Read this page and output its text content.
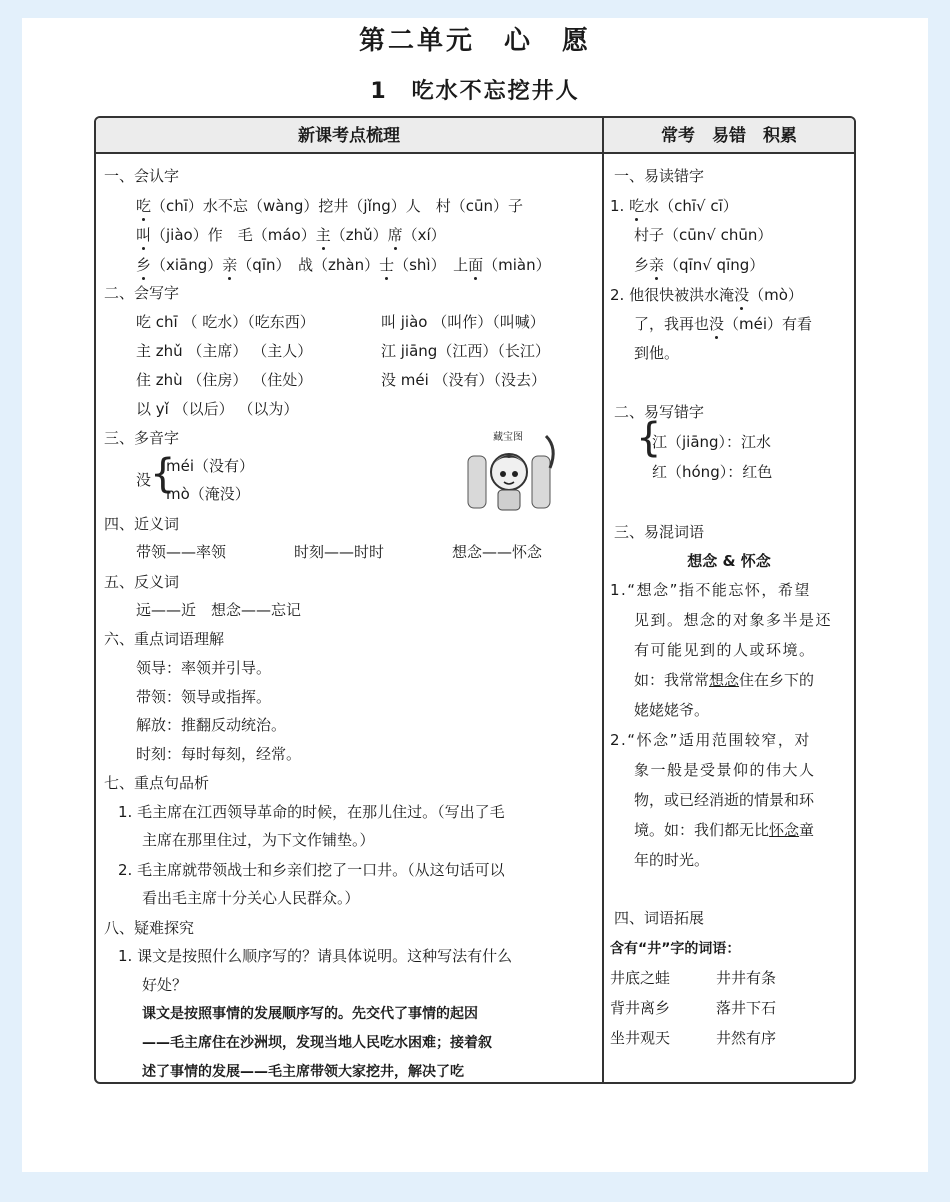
第二单元　心　愿
1　吃水不忘挖井人
新课考点梳理	常考　易错　积累
一、会认字
吃（chī）水不忘（wàng）挖井（jǐng）人　村（cūn）子
叫（jiào）作　毛（máo）主（zhǔ）席（xí）
乡（xiāng）亲（qīn）　战（zhàn）士（shì）　上面（miàn）
二、会写字
吃 chī （ 吃水）（吃东西）	叫 jiào （叫作）（叫喊）
主 zhǔ （主席） （主人）	江 jiāng（江西）（长江）
住 zhù （住房） （住处）	没 méi （没有）（没去）
以 yǐ （以后） （以为）
三、多音字
没
{
méi（没有）
mò（淹没）
四、近义词
带领——率领	时刻——时时	想念——怀念
五、反义词
远——近　想念——忘记
六、重点词语理解
领导：率领并引导。
带领：领导或指挥。
解放：推翻反动统治。
时刻：每时每刻，经常。
七、重点句品析
1. 毛主席在江西领导革命的时候，在那儿住过。（写出了毛
主席在那里住过，为下文作铺垫。）
2. 毛主席就带领战士和乡亲们挖了一口井。（从这句话可以
看出毛主席十分关心人民群众。）
八、疑难探究
1. 课文是按照什么顺序写的？请具体说明。这种写法有什么
好处？
课文是按照事情的发展顺序写的。先交代了事情的起因
——毛主席住在沙洲坝，发现当地人民吃水困难；接着叙
述了事情的发展——毛主席带领大家挖井，解决了吃
藏宝图
一、易读错字
1. 吃水（chī√ cī）
村子（cūn√ chūn）
乡亲（qīn√ qīng）
2. 他很快被洪水淹没（mò）
了，我再也没（méi）有看
到他。
二、易写错字
{
江（jiāng）：江水
红（hóng）：红色
三、易混词语
想念 & 怀念
1.“想念”指不能忘怀，希望
见到。想念的对象多半是还
有可能见到的人或环境。
如：我常常想念住在乡下的
姥姥姥爷。
2.“怀念”适用范围较窄，对
象一般是受景仰的伟大人
物，或已经消逝的情景和环
境。如：我们都无比怀念童
年的时光。
四、词语拓展
含有“井”字的词语：
井底之蛙	井井有条
背井离乡	落井下石
坐井观天	井然有序
